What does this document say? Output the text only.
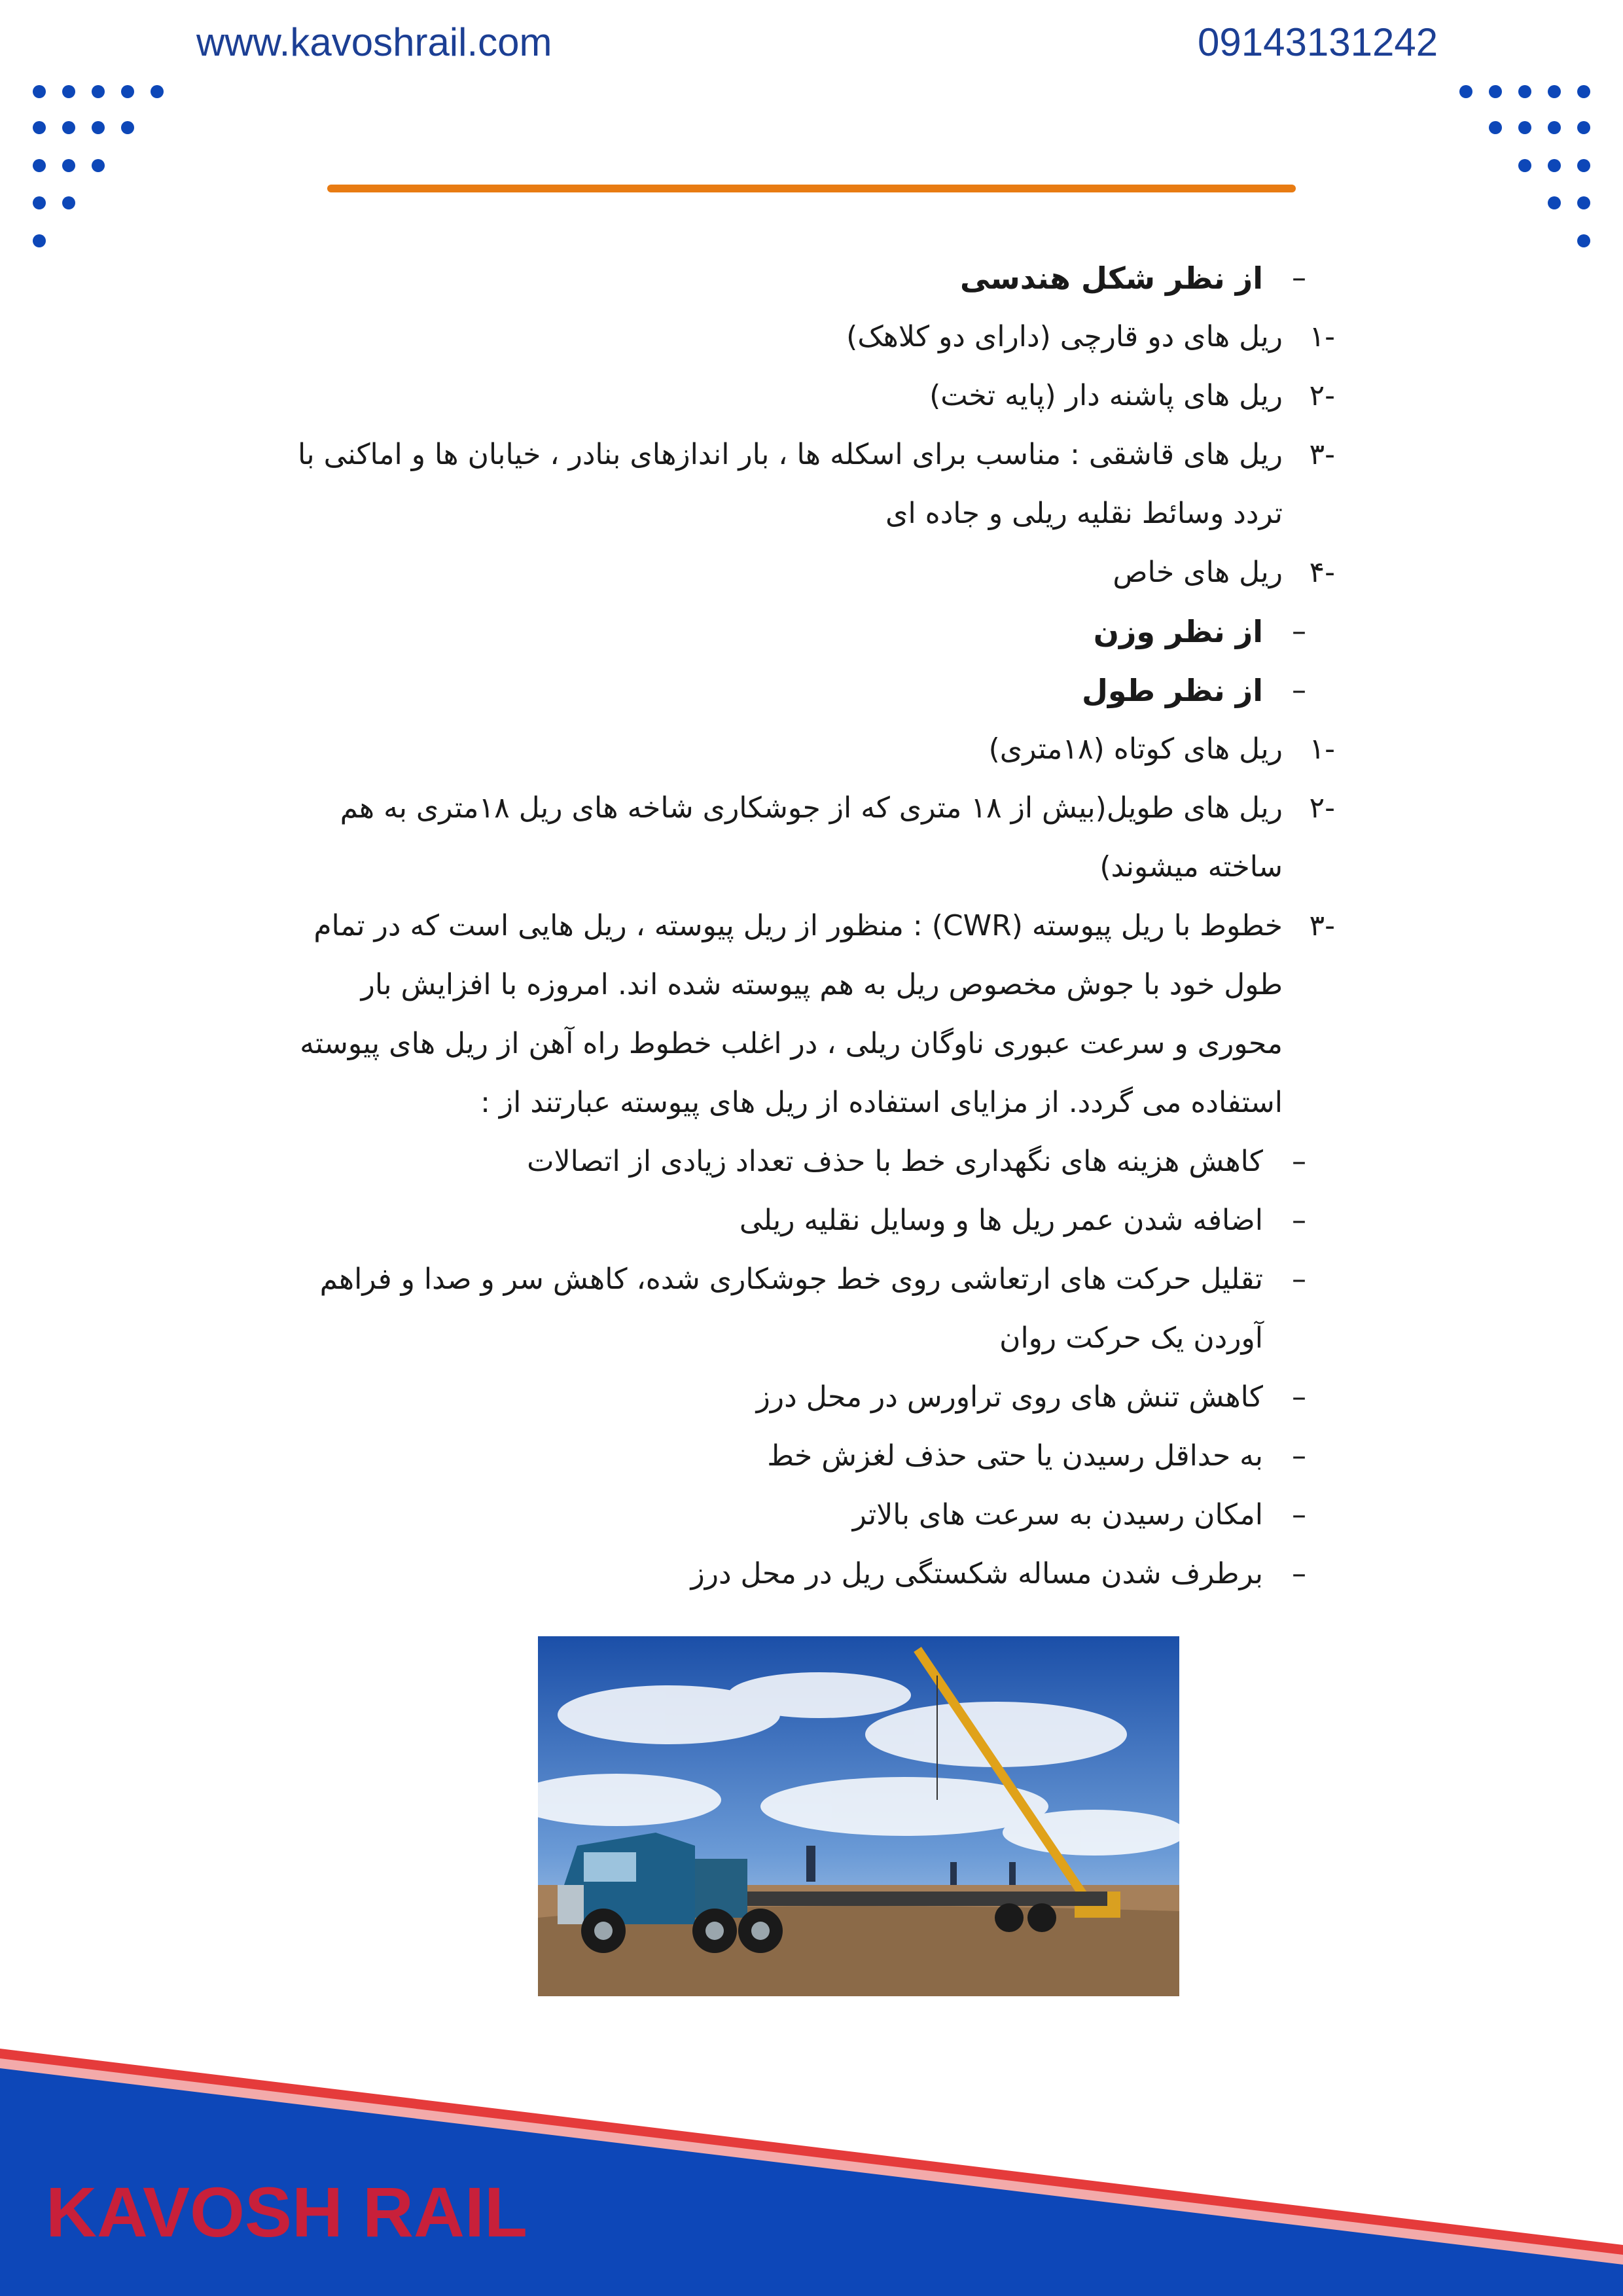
www.kavoshrail.com	09143131242
–
از نظر شکل هندسی
-۱
ریل های دو قارچی (دارای دو کلاهک)
-۲
ریل های پاشنه دار (پایه تخت)
-۳
ریل های قاشقی : مناسب برای اسکله ها ، بار اندازهای بنادر ، خیابان ها و اماکنی با تردد وسائط نقلیه ریلی و جاده ای
-۴
ریل های خاص
–
از نظر وزن
–
از نظر طول
-۱
ریل های کوتاه (۱۸متری)
-۲
ریل های طویل(بیش از ۱۸ متری که از جوشکاری شاخه های ریل ۱۸متری به هم ساخته میشوند)
-۳
خطوط با ریل پیوسته (CWR) : منظور از ریل پیوسته ، ریل هایی است که در تمام طول خود با جوش مخصوص ریل به هم پیوسته شده اند. امروزه با افزایش بار محوری و سرعت عبوری ناوگان ریلی ، در اغلب خطوط راه آهن از ریل های پیوسته استفاده می گردد. از مزایای استفاده از ریل های پیوسته عبارتند از :
–
کاهش هزینه های نگهداری خط با حذف تعداد زیادی از اتصالات
–
اضافه شدن عمر ریل ها و وسایل نقلیه ریلی
–
تقلیل حرکت های ارتعاشی روی خط جوشکاری شده، کاهش سر و صدا و فراهم آوردن یک حرکت روان
–
کاهش تنش های روی تراورس در محل درز
–
به حداقل رسیدن یا حتی حذف لغزش خط
–
امکان رسیدن به سرعت های بالاتر
–
برطرف شدن مساله شکستگی ریل در محل درز
KAVOSH RAIL
